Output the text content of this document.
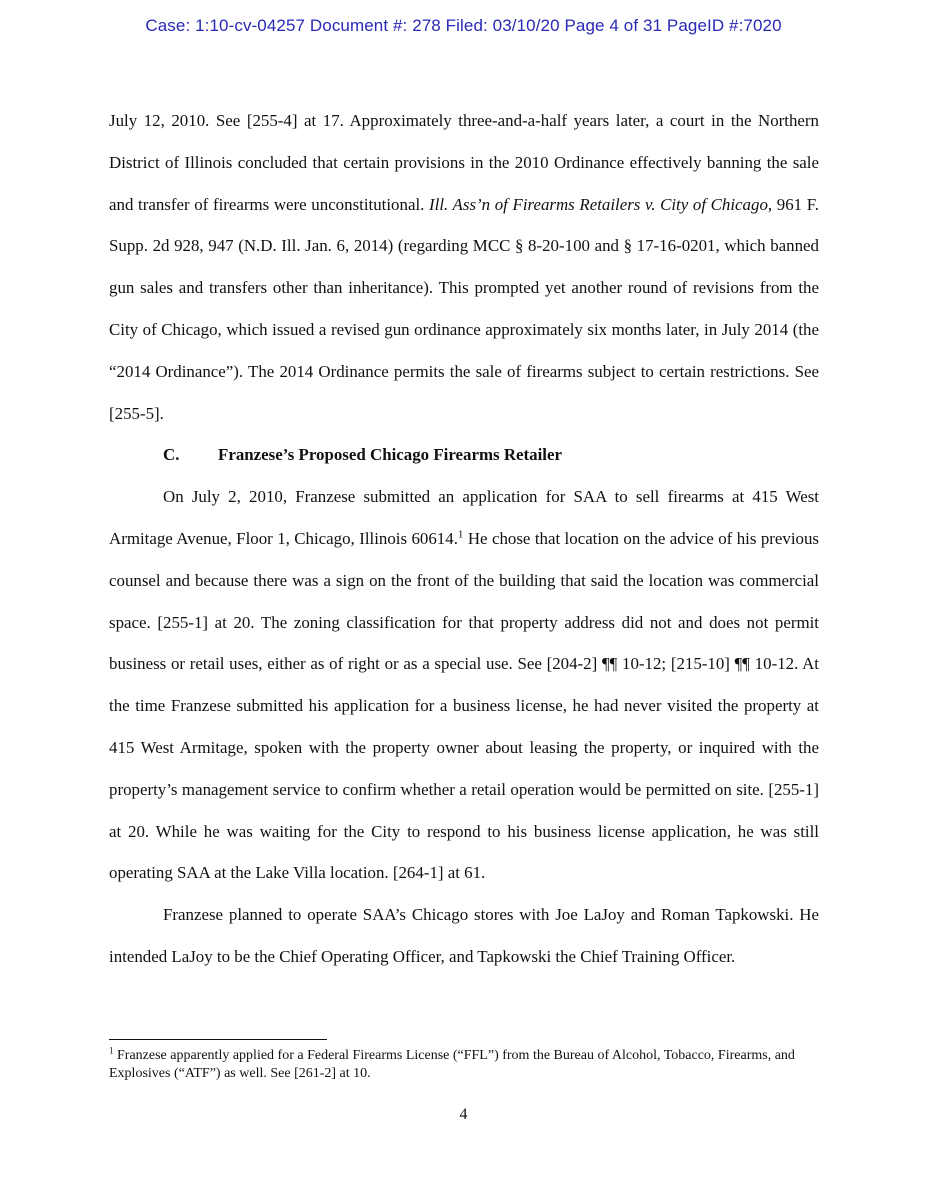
Case: 1:10-cv-04257 Document #: 278 Filed: 03/10/20 Page 4 of 31 PageID #:7020

July 12, 2010. See [255-4] at 17. Approximately three-and-a-half years later, a court in the Northern District of Illinois concluded that certain provisions in the 2010 Ordinance effectively banning the sale and transfer of firearms were unconstitutional. Ill. Ass’n of Firearms Retailers v. City of Chicago, 961 F. Supp. 2d 928, 947 (N.D. Ill. Jan. 6, 2014) (regarding MCC § 8-20-100 and § 17-16-0201, which banned gun sales and transfers other than inheritance). This prompted yet another round of revisions from the City of Chicago, which issued a revised gun ordinance approximately six months later, in July 2014 (the “2014 Ordinance”). The 2014 Ordinance permits the sale of firearms subject to certain restrictions. See [255-5].

C. Franzese’s Proposed Chicago Firearms Retailer

On July 2, 2010, Franzese submitted an application for SAA to sell firearms at 415 West Armitage Avenue, Floor 1, Chicago, Illinois 60614.$^1$ He chose that location on the advice of his previous counsel and because there was a sign on the front of the building that said the location was commercial space. [255-1] at 20. The zoning classification for that property address did not and does not permit business or retail uses, either as of right or as a special use. See [204-2] ¶¶ 10-12; [215-10] ¶¶ 10-12. At the time Franzese submitted his application for a business license, he had never visited the property at 415 West Armitage, spoken with the property owner about leasing the property, or inquired with the property’s management service to confirm whether a retail operation would be permitted on site. [255-1] at 20. While he was waiting for the City to respond to his business license application, he was still operating SAA at the Lake Villa location. [264-1] at 61.

Franzese planned to operate SAA’s Chicago stores with Joe LaJoy and Roman Tapkowski. He intended LaJoy to be the Chief Operating Officer, and Tapkowski the Chief Training Officer.

$^1$ Franzese apparently applied for a Federal Firearms License (“FFL”) from the Bureau of Alcohol, Tobacco, Firearms, and Explosives (“ATF”) as well. See [261-2] at 10.
4
